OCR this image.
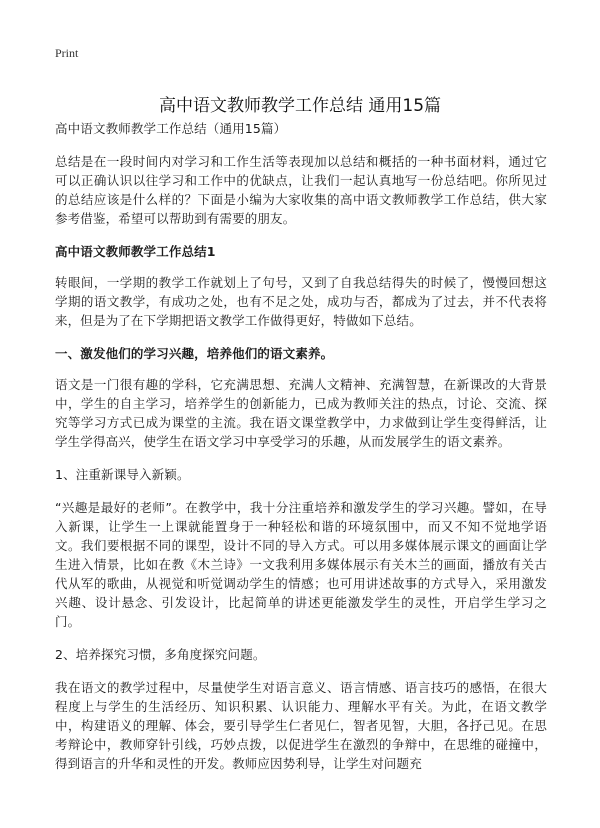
Print
高中语文教师教学工作总结 通用15篇

高中语文教师教学工作总结（通用15篇）

总结是在一段时间内对学习和工作生活等表现加以总结和概括的一种书面材料，通过它可以正确认识以往学习和工作中的优缺点，让我们一起认真地写一份总结吧。你所见过的总结应该是什么样的？下面是小编为大家收集的高中语文教师教学工作总结，供大家参考借鉴，希望可以帮助到有需要的朋友。

高中语文教师教学工作总结1

转眼间，一学期的教学工作就划上了句号，又到了自我总结得失的时候了，慢慢回想这学期的语文教学，有成功之处，也有不足之处，成功与否，都成为了过去，并不代表将来，但是为了在下学期把语文教学工作做得更好，特做如下总结。

一、激发他们的学习兴趣，培养他们的语文素养。

语文是一门很有趣的学科，它充满思想、充满人文精神、充满智慧，在新课改的大背景中，学生的自主学习，培养学生的创新能力，已成为教师关注的热点，讨论、交流、探究等学习方式已成为课堂的主流。我在语文课堂教学中，力求做到让学生变得鲜活，让学生学得高兴，使学生在语文学习中享受学习的乐趣，从而发展学生的语文素养。

1、注重新课导入新颖。

“兴趣是最好的老师”。在教学中，我十分注重培养和激发学生的学习兴趣。譬如，在导入新课，让学生一上课就能置身于一种轻松和谐的环境氛围中，而又不知不觉地学语文。我们要根据不同的课型，设计不同的导入方式。可以用多媒体展示课文的画面让学生进入情景，比如在教《木兰诗》一文我利用多媒体展示有关木兰的画面，播放有关古代从军的歌曲，从视觉和听觉调动学生的情感；也可用讲述故事的方式导入，采用激发兴趣、设计悬念、引发设计，比起简单的讲述更能激发学生的灵性，开启学生学习之门。

2、培养探究习惯，多角度探究问题。

我在语文的教学过程中，尽量使学生对语言意义、语言情感、语言技巧的感悟，在很大程度上与学生的生活经历、知识积累、认识能力、理解水平有关。为此，在语文教学中，构建语义的理解、体会，要引导学生仁者见仁，智者见智，大胆，各抒己见。在思考辩论中，教师穿针引线，巧妙点拨，以促进学生在激烈的争辩中，在思维的碰撞中，得到语言的升华和灵性的开发。教师应因势利导，让学生对问题充
